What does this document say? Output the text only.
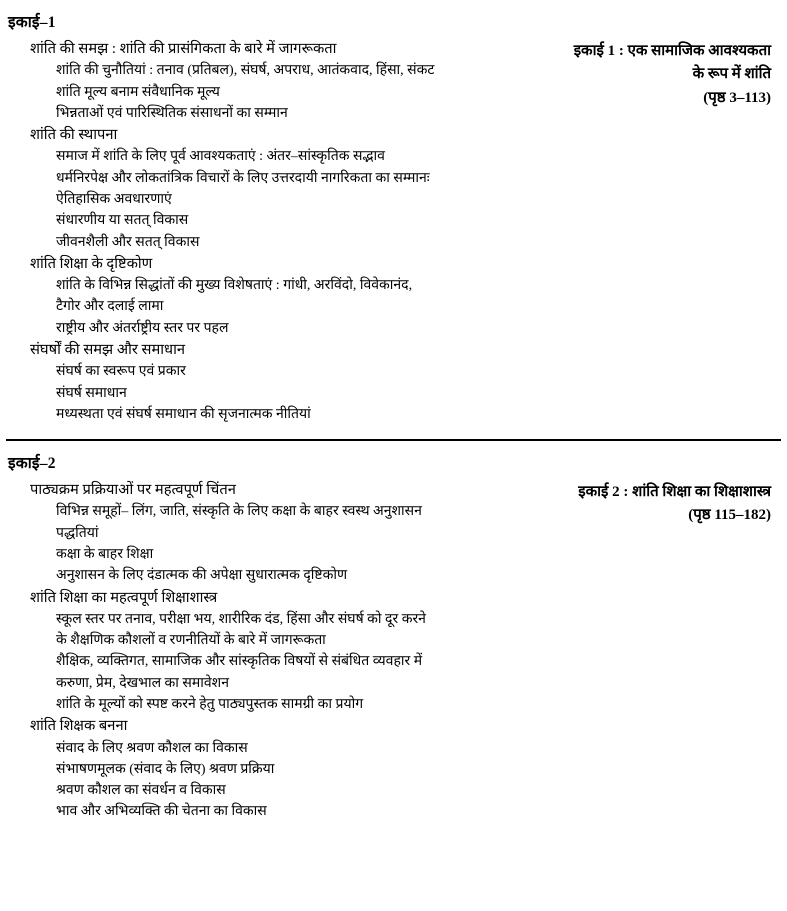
इकाई–1
शांति की समझ : शांति की प्रासंगिकता के बारे में जागरूकता
शांति की चुनौतियां : तनाव (प्रतिबल), संघर्ष, अपराध, आतंकवाद, हिंसा, संकट
शांति मूल्य बनाम संवैधानिक मूल्य
भिन्नताओं एवं पारिस्थितिक संसाधनों का सम्मान
शांति की स्थापना
समाज में शांति के लिए पूर्व आवश्यकताएं : अंतर–सांस्कृतिक सद्भाव
धर्मनिरपेक्ष और लोकतांत्रिक विचारों के लिए उत्तरदायी नागरिकता का सम्मानः
ऐतिहासिक अवधारणाएं
संधारणीय या सतत् विकास
जीवनशैली और सतत् विकास
शांति शिक्षा के दृष्टिकोण
शांति के विभिन्न सिद्धांतों की मुख्य विशेषताएं : गांधी, अरविंदो, विवेकानंद,
टैगोर और दलाई लामा
राष्ट्रीय और अंतर्राष्ट्रीय स्तर पर पहल
संघर्षों की समझ और समाधान
संघर्ष का स्वरूप एवं प्रकार
संघर्ष समाधान
मध्यस्थता एवं संघर्ष समाधान की सृजनात्मक नीतियां
इकाई 1 : एक सामाजिक आवश्यकता
के रूप में शांति
(पृष्ठ 3–113)
इकाई–2
पाठ्यक्रम प्रक्रियाओं पर महत्वपूर्ण चिंतन
विभिन्न समूहों– लिंग, जाति, संस्कृति के लिए कक्षा के बाहर स्वस्थ अनुशासन
पद्धतियां
कक्षा के बाहर शिक्षा
अनुशासन के लिए दंडात्मक की अपेक्षा सुधारात्मक दृष्टिकोण
शांति शिक्षा का महत्वपूर्ण शिक्षाशास्त्र
स्कूल स्तर पर तनाव, परीक्षा भय, शारीरिक दंड, हिंसा और संघर्ष को दूर करने
के शैक्षणिक कौशलों व रणनीतियों के बारे में जागरूकता
शैक्षिक, व्यक्तिगत, सामाजिक और सांस्कृतिक विषयों से संबंधित व्यवहार में
करुणा, प्रेम, देखभाल का समावेशन
शांति के मूल्यों को स्पष्ट करने हेतु पाठ्यपुस्तक सामग्री का प्रयोग
शांति शिक्षक बनना
संवाद के लिए श्रवण कौशल का विकास
संभाषणमूलक (संवाद के लिए) श्रवण प्रक्रिया
श्रवण कौशल का संवर्धन व विकास
भाव और अभिव्यक्ति की चेतना का विकास
इकाई 2 : शांति शिक्षा का शिक्षाशास्त्र
(पृष्ठ 115–182)
